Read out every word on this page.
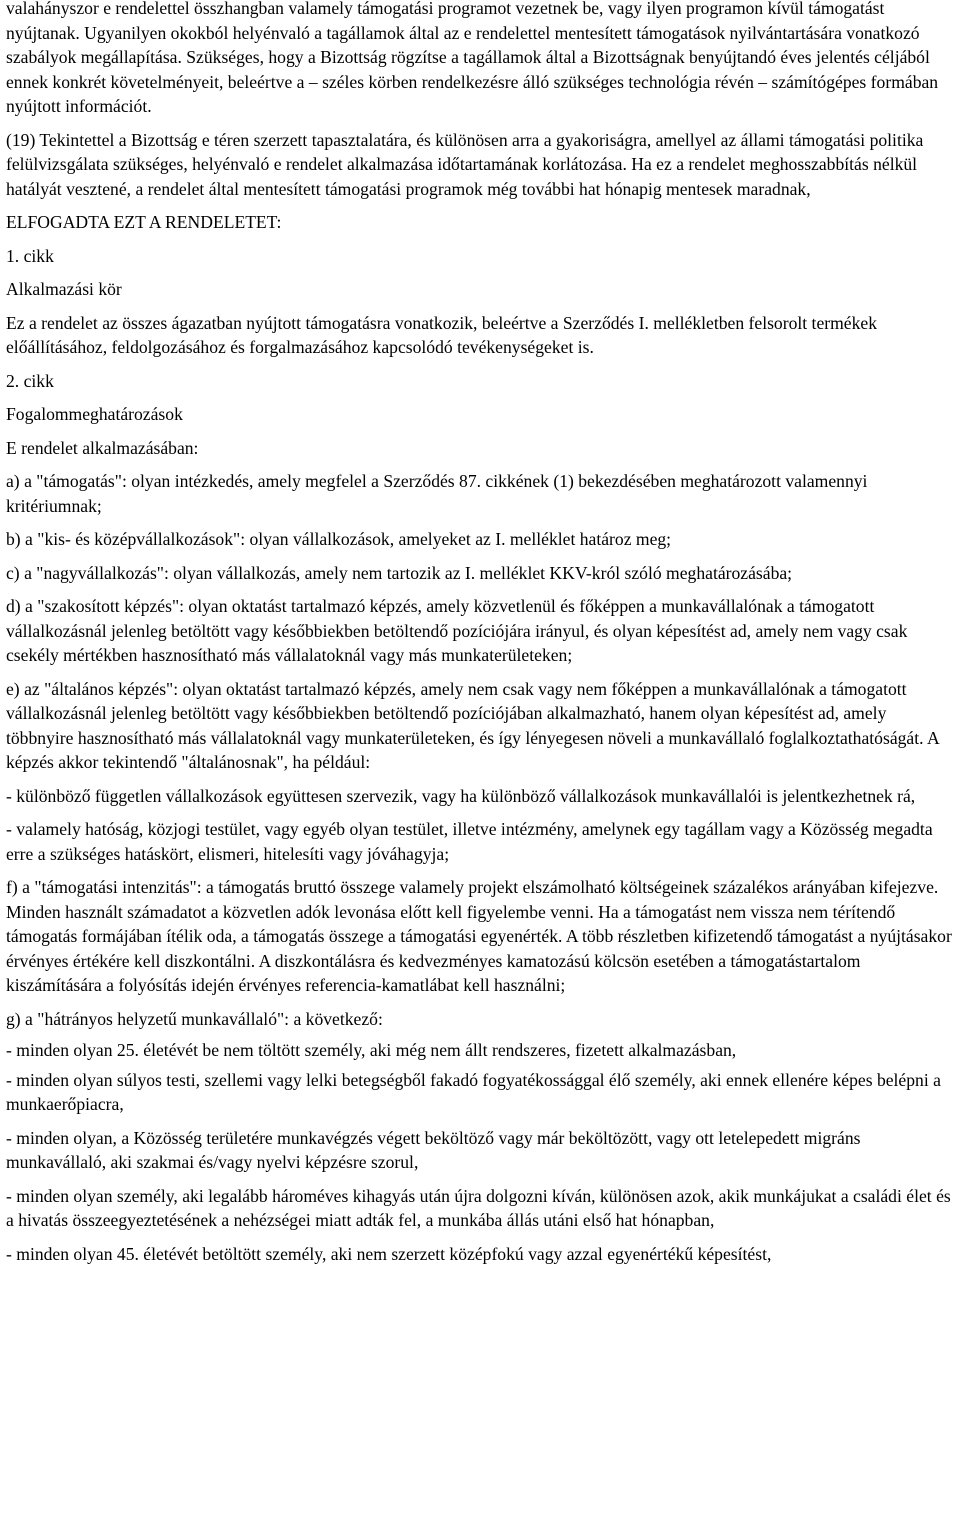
valahányszor e rendelettel összhangban valamely támogatási programot vezetnek be, vagy ilyen programon kívül támogatást nyújtanak. Ugyanilyen okokból helyénvaló a tagállamok által az e rendelettel mentesített támogatások nyilvántartására vonatkozó szabályok megállapítása. Szükséges, hogy a Bizottság rögzítse a tagállamok által a Bizottságnak benyújtandó éves jelentés céljából ennek konkrét követelményeit, beleértve a – széles körben rendelkezésre álló szükséges technológia révén – számítógépes formában nyújtott információt.

(19) Tekintettel a Bizottság e téren szerzett tapasztalatára, és különösen arra a gyakoriságra, amellyel az állami támogatási politika felülvizsgálata szükséges, helyénvaló e rendelet alkalmazása időtartamának korlátozása. Ha ez a rendelet meghosszabbítás nélkül hatályát vesztené, a rendelet által mentesített támogatási programok még további hat hónapig mentesek maradnak,

ELFOGADTA EZT A RENDELETET:

1. cikk

Alkalmazási kör

Ez a rendelet az összes ágazatban nyújtott támogatásra vonatkozik, beleértve a Szerződés I. mellékletben felsorolt termékek előállításához, feldolgozásához és forgalmazásához kapcsolódó tevékenységeket is.

2. cikk

Fogalommeghatározások

E rendelet alkalmazásában:

a) a "támogatás": olyan intézkedés, amely megfelel a Szerződés 87. cikkének (1) bekezdésében meghatározott valamennyi kritériumnak;

b) a "kis- és középvállalkozások": olyan vállalkozások, amelyeket az I. melléklet határoz meg;

c) a "nagyvállalkozás": olyan vállalkozás, amely nem tartozik az I. melléklet KKV-król szóló meghatározásába;

d) a "szakosított képzés": olyan oktatást tartalmazó képzés, amely közvetlenül és főképpen a munkavállalónak a támogatott vállalkozásnál jelenleg betöltött vagy későbbiekben betöltendő pozíciójára irányul, és olyan képesítést ad, amely nem vagy csak csekély mértékben hasznosítható más vállalatoknál vagy más munkaterületeken;

e) az "általános képzés": olyan oktatást tartalmazó képzés, amely nem csak vagy nem főképpen a munkavállalónak a támogatott vállalkozásnál jelenleg betöltött vagy későbbiekben betöltendő pozíciójában alkalmazható, hanem olyan képesítést ad, amely többnyire hasznosítható más vállalatoknál vagy munkaterületeken, és így lényegesen növeli a munkavállaló foglalkoztathatóságát. A képzés akkor tekintendő "általánosnak", ha például:

- különböző független vállalkozások együttesen szervezik, vagy ha különböző vállalkozások munkavállalói is jelentkezhetnek rá,

- valamely hatóság, közjogi testület, vagy egyéb olyan testület, illetve intézmény, amelynek egy tagállam vagy a Közösség megadta erre a szükséges hatáskört, elismeri, hitelesíti vagy jóváhagyja;

f) a "támogatási intenzitás": a támogatás bruttó összege valamely projekt elszámolható költségeinek százalékos arányában kifejezve. Minden használt számadatot a közvetlen adók levonása előtt kell figyelembe venni. Ha a támogatást nem vissza nem térítendő támogatás formájában ítélik oda, a támogatás összege a támogatási egyenérték. A több részletben kifizetendő támogatást a nyújtásakor érvényes értékére kell diszkontálni. A diszkontálásra és kedvezményes kamatozású kölcsön esetében a támogatástartalom kiszámítására a folyósítás idején érvényes referencia-kamatlábat kell használni;

g) a "hátrányos helyzetű munkavállaló": a következő:

- minden olyan 25. életévét be nem töltött személy, aki még nem állt rendszeres, fizetett alkalmazásban,

- minden olyan súlyos testi, szellemi vagy lelki betegségből fakadó fogyatékossággal élő személy, aki ennek ellenére képes belépni a munkaerőpiacra,

- minden olyan, a Közösség területére munkavégzés végett beköltöző vagy már beköltözött, vagy ott letelepedett migráns munkavállaló, aki szakmai és/vagy nyelvi képzésre szorul,

- minden olyan személy, aki legalább hároméves kihagyás után újra dolgozni kíván, különösen azok, akik munkájukat a családi élet és a hivatás összeegyeztetésének a nehézségei miatt adták fel, a munkába állás utáni első hat hónapban,

- minden olyan 45. életévét betöltött személy, aki nem szerzett középfokú vagy azzal egyenértékű képesítést,
